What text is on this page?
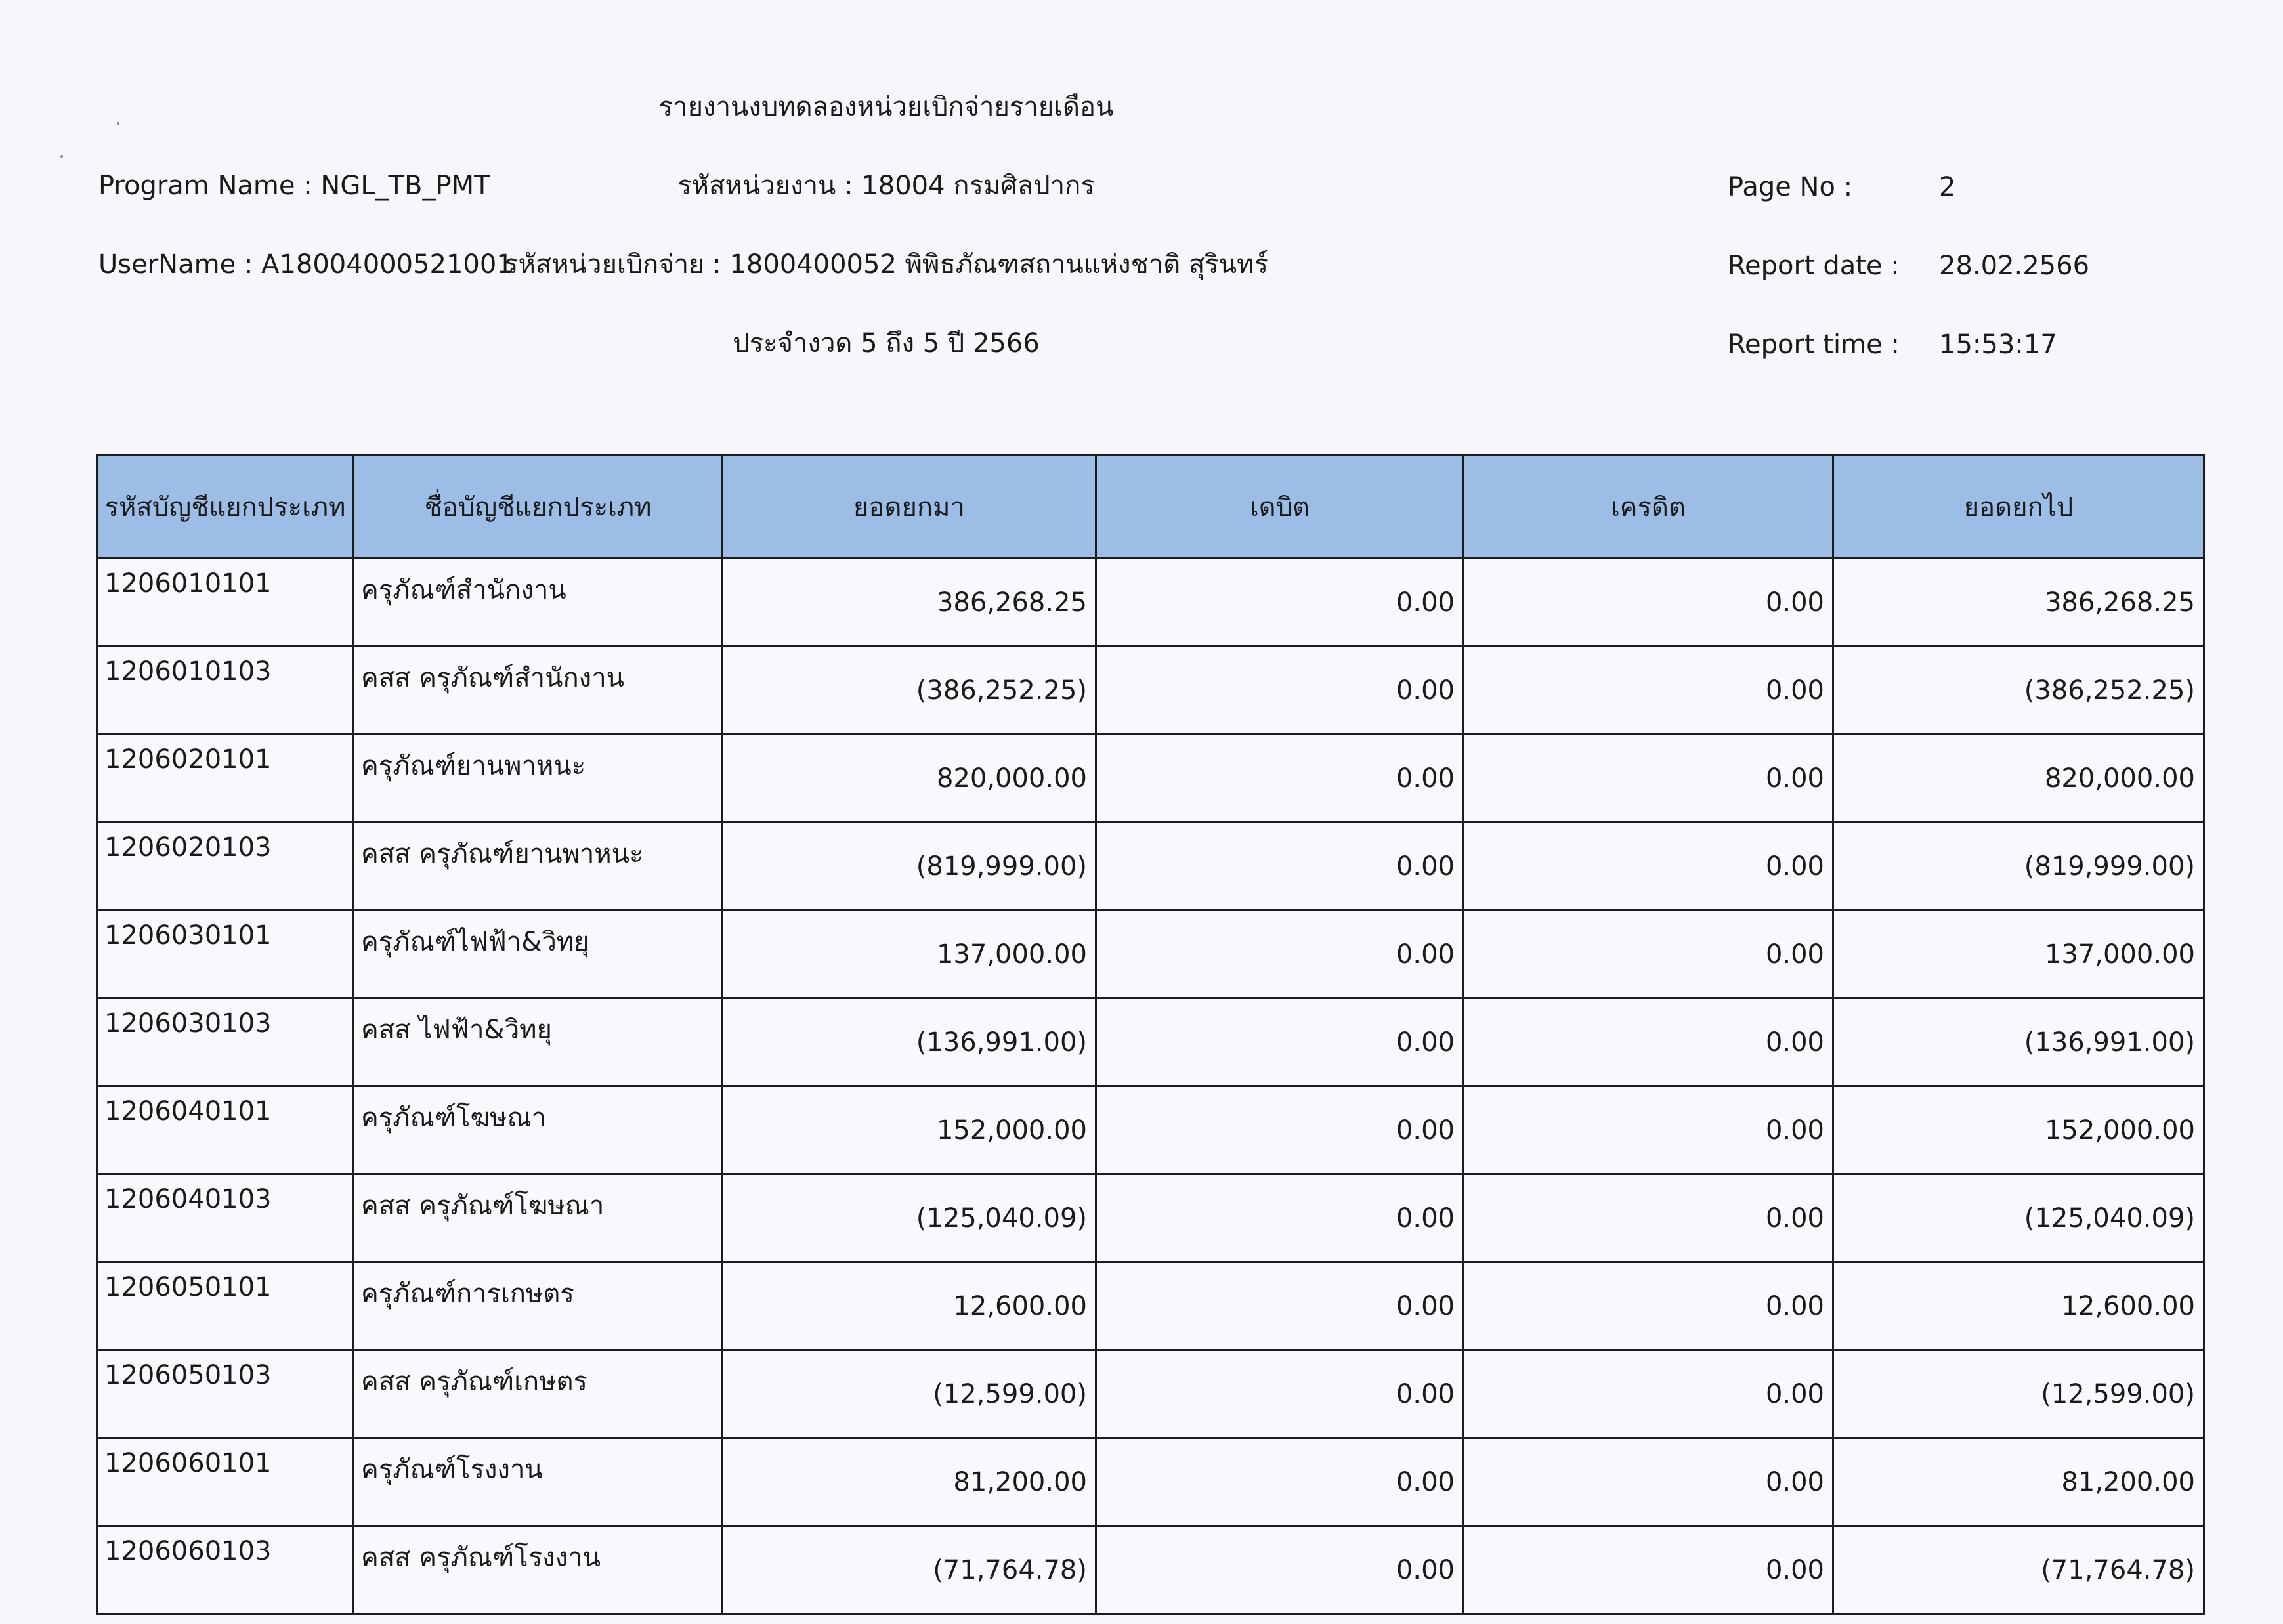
รายงานงบทดลองหน่วยเบิกจ่ายรายเดือน
Program Name : NGL_TB_PMT
UserName : A18004000521001
รหัสหน่วยงาน : 18004 กรมศิลปากร
รหัสหน่วยเบิกจ่าย : 1800400052 พิพิธภัณฑสถานแห่งชาติ สุรินทร์
ประจำงวด 5 ถึง 5 ปี 2566
Page No :	2
Report date : 28.02.2566
Report time : 15:53:17
รหัสบัญชีแยกประเภท	ชื่อบัญชีแยกประเภท	ยอดยกมา	เดบิต	เครดิต	ยอดยกไป
1206010101	ครุภัณฑ์สำนักงาน	386,268.25	0.00	0.00	386,268.25
1206010103	คสส ครุภัณฑ์สำนักงาน	(386,252.25)	0.00	0.00	(386,252.25)
1206020101	ครุภัณฑ์ยานพาหนะ	820,000.00	0.00	0.00	820,000.00
1206020103	คสส ครุภัณฑ์ยานพาหนะ	(819,999.00)	0.00	0.00	(819,999.00)
1206030101	ครุภัณฑ์ไฟฟ้า&วิทยุ	137,000.00	0.00	0.00	137,000.00
1206030103	คสส ไฟฟ้า&วิทยุ	(136,991.00)	0.00	0.00	(136,991.00)
1206040101	ครุภัณฑ์โฆษณา	152,000.00	0.00	0.00	152,000.00
1206040103	คสส ครุภัณฑ์โฆษณา	(125,040.09)	0.00	0.00	(125,040.09)
1206050101	ครุภัณฑ์การเกษตร	12,600.00	0.00	0.00	12,600.00
1206050103	คสส ครุภัณฑ์เกษตร	(12,599.00)	0.00	0.00	(12,599.00)
1206060101	ครุภัณฑ์โรงงาน	81,200.00	0.00	0.00	81,200.00
1206060103	คสส ครุภัณฑ์โรงงาน	(71,764.78)	0.00	0.00	(71,764.78)
